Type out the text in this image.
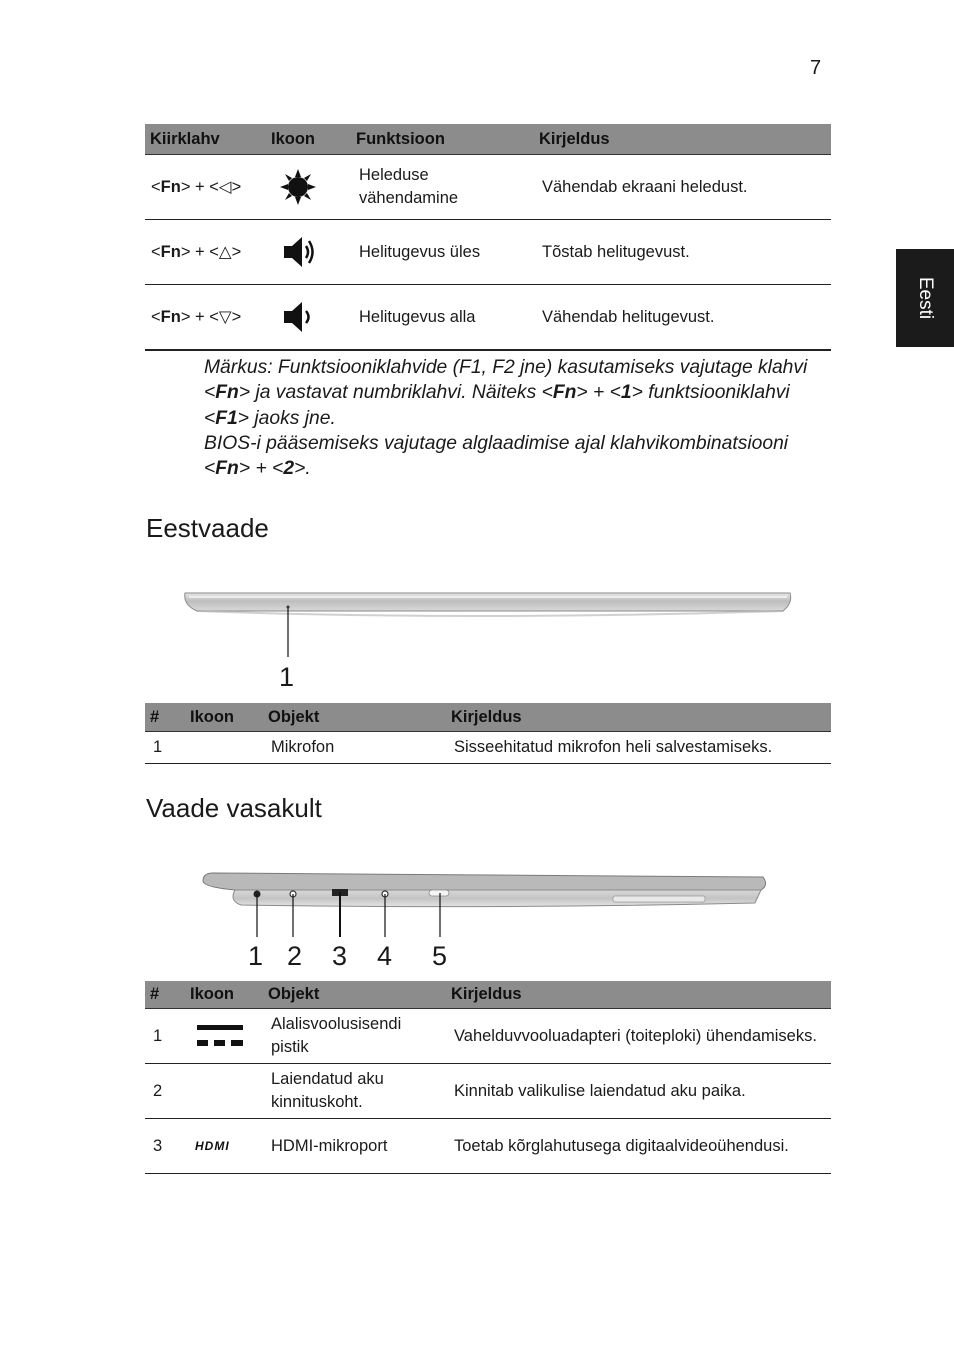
7
Eesti
Kiirklahv	Ikoon	Funktsioon	Kirjeldus
<Fn> + <◁>		Heleduse vähendamine	Vähendab ekraani heledust.
<Fn> + <△>		Helitugevus üles	Tõstab helitugevust.
<Fn> + <▽>		Helitugevus alla	Vähendab helitugevust.

Märkus: Funktsiooniklahvide (F1, F2 jne) kasutamiseks vajutage klahvi <Fn> ja vastavat numbriklahvi. Näiteks <Fn> + <1> funktsiooniklahvi <F1> jaoks jne.

BIOS-i pääsemiseks vajutage alglaadimise ajal klahvikombinatsiooni <Fn> + <2>.

Eestvaade
1
#	Ikoon	Objekt	Kirjeldus
1		Mikrofon	Sisseehitatud mikrofon heli salvestamiseks.
Vaade vasakult
1 2 3 4 5
#	Ikoon	Objekt	Kirjeldus
1		Alalisvoolusisendi pistik	Vahelduvvooluadapteri (toiteploki) ühendamiseks.
2		Laiendatud aku kinnituskoht.	Kinnitab valikulise laiendatud aku paika.
3	HDMI	HDMI-mikroport	Toetab kõrglahutusega digitaalvideoühendusi.
